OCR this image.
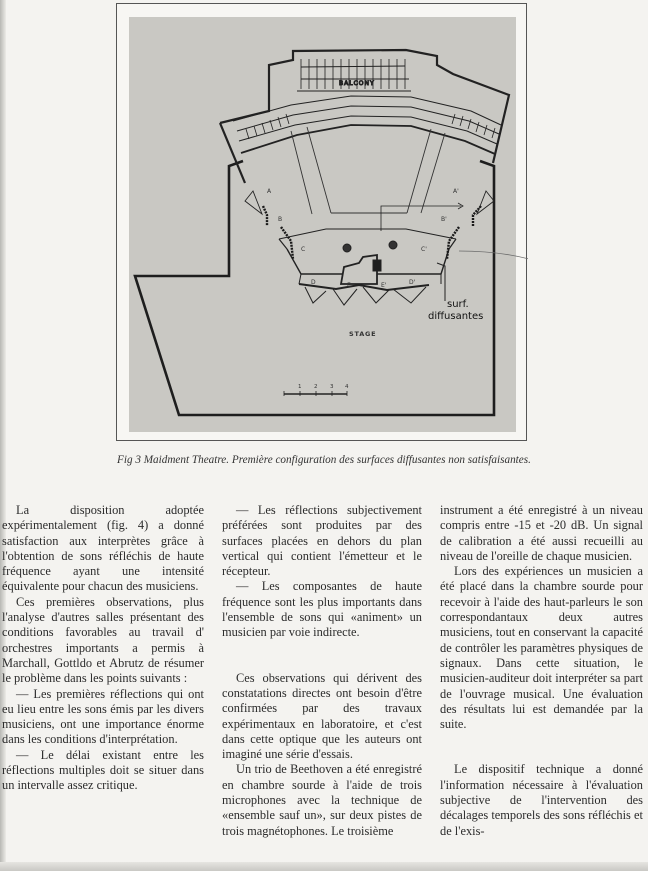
BALCONY
A	A'
B	B'
C	C'
D	E	E'	D'
surf.
diffusantes
STAGE
1 2 3 4
Fig 3 Maidment Theatre. Première configuration des surfaces diffusantes non satisfaisantes.

La disposition adoptée expérimentalement (fig. 4) a donné satisfaction aux interprètes grâce à l'obtention de sons réfléchis de haute fréquence ayant une intensité équivalente pour chacun des musiciens.

Ces premières observations, plus l'analyse d'autres salles présentant des conditions favorables au travail d' orchestres importants a permis à Marchall, Gottldo et Abrutz de résumer le problème dans les points suivants :

— Les premières réflections qui ont eu lieu entre les sons émis par les divers musiciens, ont une importance énorme dans les conditions d'interprétation.

— Le délai existant entre les réflections multiples doit se situer dans un intervalle assez critique.

— Les réflections subjectivement préférées sont produites par des surfaces placées en dehors du plan vertical qui contient l'émetteur et le récepteur.

— Les composantes de haute fréquence sont les plus importants dans l'ensemble de sons qui «animent» un musicien par voie indirecte.

Ces observations qui dérivent des constatations directes ont besoin d'être confirmées par des travaux expérimentaux en laboratoire, et c'est dans cette optique que les auteurs ont imaginé une série d'essais.

Un trio de Beethoven a été enregistré en chambre sourde à l'aide de trois microphones avec la technique de «ensemble sauf un», sur deux pistes de trois magnétophones. Le troisième

instrument a été enregistré à un niveau compris entre -15 et -20 dB. Un signal de calibration a été aussi recueilli au niveau de l'oreille de chaque musicien.

Lors des expériences un musicien a été placé dans la chambre sourde pour recevoir à l'aide des haut-parleurs le son correspondantaux deux autres musiciens, tout en conservant la capacité de contrôler les paramètres physiques de signaux. Dans cette situation, le musicien-auditeur doit interpréter sa part de l'ouvrage musical. Une évaluation des résultats lui est demandée par la suite.

Le dispositif technique a donné l'information nécessaire à l'évaluation subjective de l'intervention des décalages temporels des sons réfléchis et de l'exis-
